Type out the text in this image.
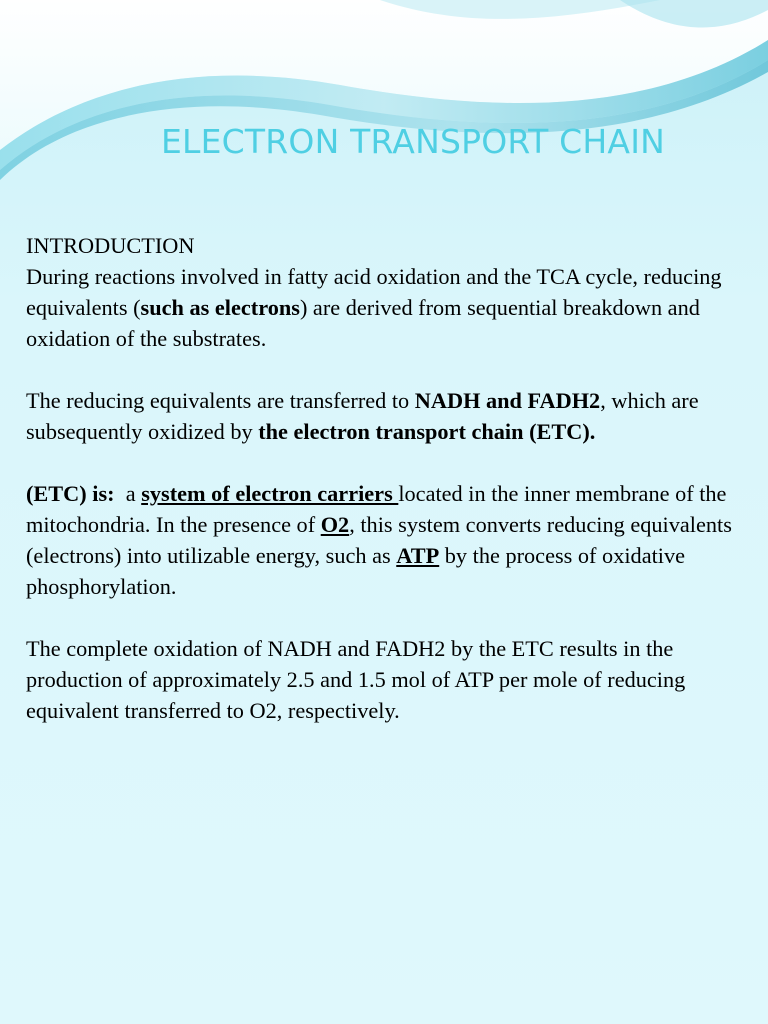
ELECTRON TRANSPORT CHAIN

INTRODUCTION

During reactions involved in fatty acid oxidation and the TCA cycle, reducing equivalents (such as electrons) are derived from sequential breakdown and oxidation of the substrates.

The reducing equivalents are transferred to NADH and FADH2, which are subsequently oxidized by the electron transport chain (ETC).

(ETC) is:  a system of electron carriers located in the inner membrane of the mitochondria. In the presence of O2, this system converts reducing equivalents (electrons) into utilizable energy, such as ATP by the process of oxidative phosphorylation.

The complete oxidation of NADH and FADH2 by the ETC results in the production of approximately 2.5 and 1.5 mol of ATP per mole of reducing equivalent transferred to O2, respectively.
